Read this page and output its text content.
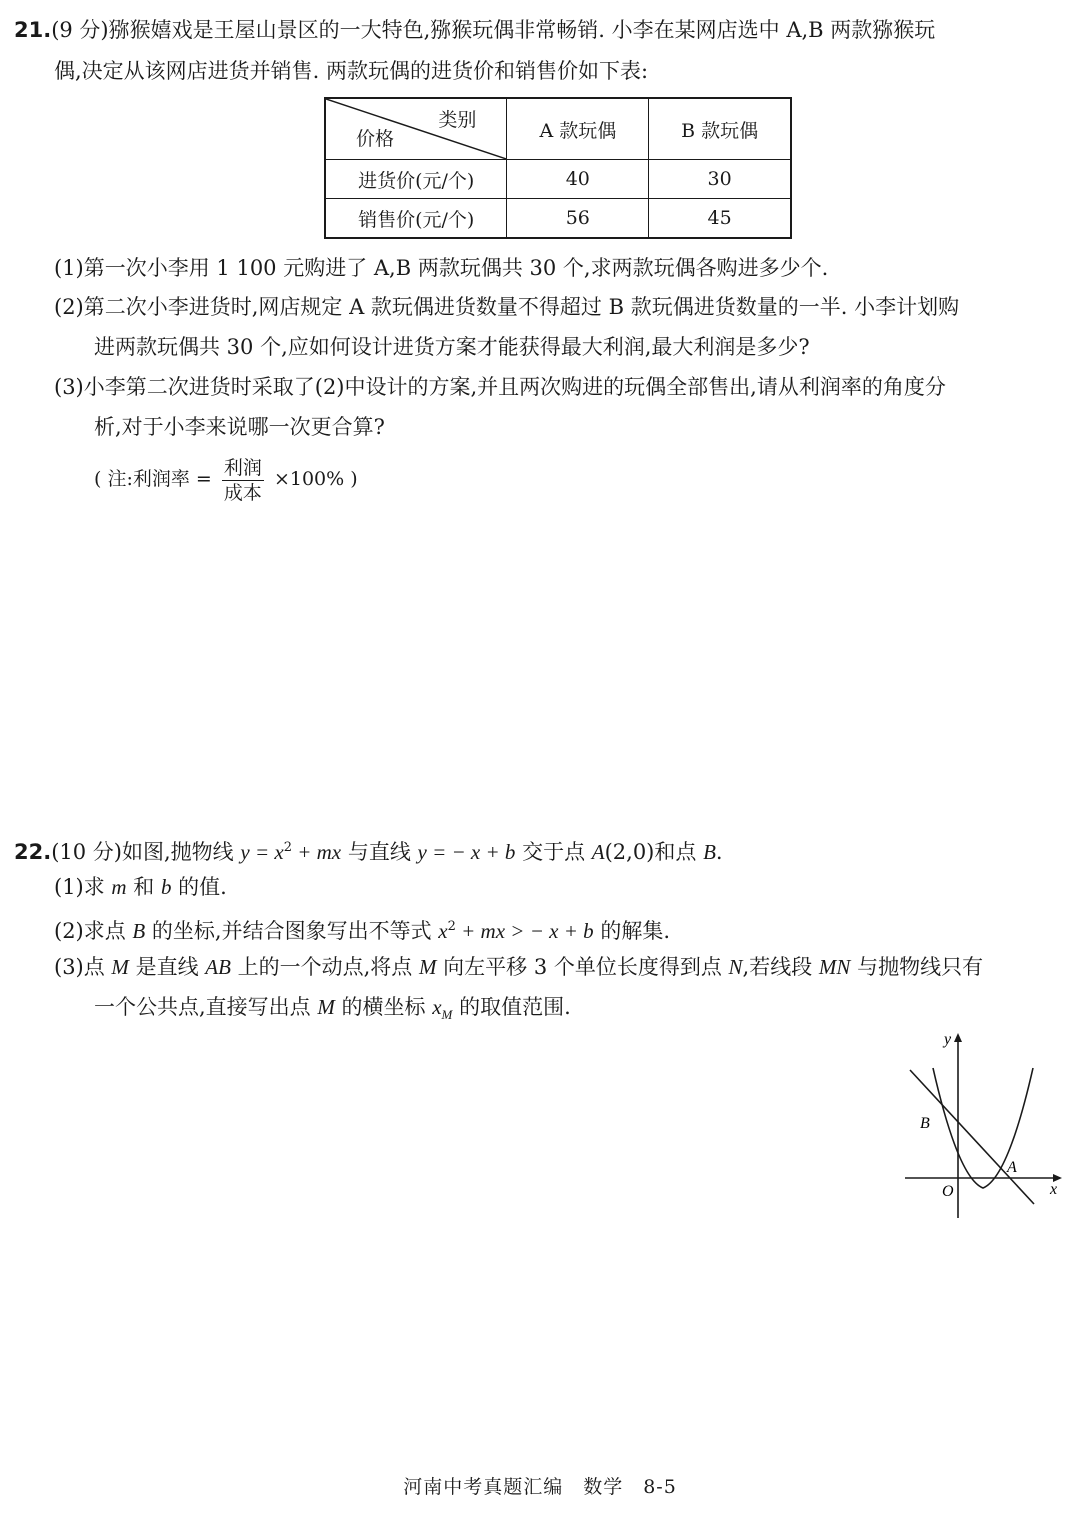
21.(9 分)猕猴嬉戏是王屋山景区的一大特色,猕猴玩偶非常畅销. 小李在某网店选中 A,B 两款猕猴玩
偶,决定从该网店进货并销售. 两款玩偶的进货价和销售价如下表:
类别
价格	A 款玩偶	B 款玩偶
进货价(元/个)	40	30
销售价(元/个)	56	45
(1)第一次小李用 1 100 元购进了 A,B 两款玩偶共 30 个,求两款玩偶各购进多少个.
(2)第二次小李进货时,网店规定 A 款玩偶进货数量不得超过 B 款玩偶进货数量的一半. 小李计划购
进两款玩偶共 30 个,应如何设计进货方案才能获得最大利润,最大利润是多少?
(3)小李第二次进货时采取了(2)中设计的方案,并且两次购进的玩偶全部售出,请从利润率的角度分
析,对于小李来说哪一次更合算?
( 注:利润率 = $\frac{\text{利润}}{\text{成本}} \times 100\%$ )
22.(10 分)如图,抛物线 $y = x^2$ + mx 与直线 y = − x + b 交于点 A(2,0)和点 B.
(1)求 m 和 b 的值.
(2)求点 B 的坐标,并结合图象写出不等式 $x^2$ + mx > − x + b 的解集.
(3)点 M 是直线 AB 上的一个动点,将点 M 向左平移 3 个单位长度得到点 N,若线段 MN 与抛物线只有
一个公共点,直接写出点 M 的横坐标 $x_M$ 的取值范围.
y
x
O
A
B
河南中考真题汇编　数学　8-5
